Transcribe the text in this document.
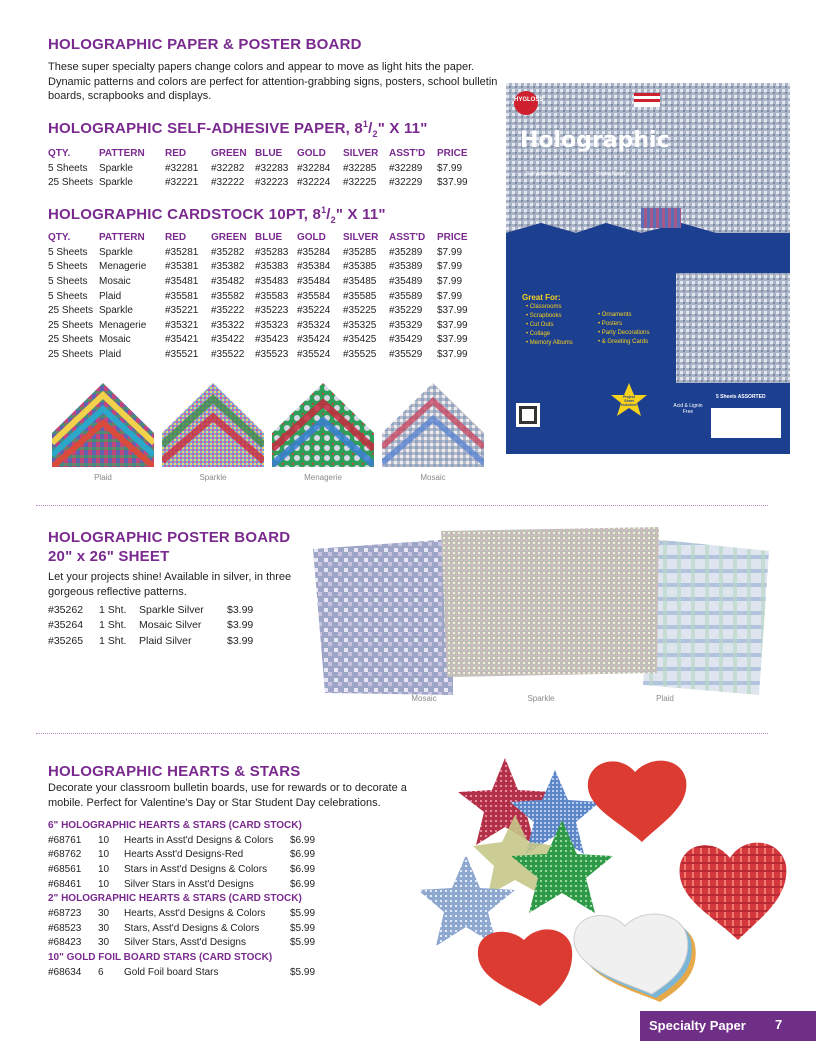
HOLOGRAPHIC PAPER & POSTER BOARD
These super specialty papers change colors and appear to move as light hits the paper. Dynamic patterns and colors are perfect for attention-grabbing signs, posters, school bulletin boards, scrapbooks and displays.
HOLOGRAPHIC SELF-ADHESIVE PAPER, $8^1/_2$" X 11"
QTY.	PATTERN	RED	GREEN	BLUE	GOLD	SILVER	ASST'D	PRICE
5 Sheets	Sparkle	#32281	#32282	#32283	#32284	#32285	#32289	$7.99
25 Sheets	Sparkle	#32221	#32222	#32223	#32224	#32225	#32229	$37.99
HOLOGRAPHIC CARDSTOCK 10PT, $8^1/_2$" X 11"
QTY.	PATTERN	RED	GREEN	BLUE	GOLD	SILVER	ASST'D	PRICE
5 Sheets	Sparkle	#35281	#35282	#35283	#35284	#35285	#35289	$7.99
5 Sheets	Menagerie	#35381	#35382	#35383	#35384	#35385	#35389	$7.99
5 Sheets	Mosaic	#35481	#35482	#35483	#35484	#35485	#35489	$7.99
5 Sheets	Plaid	#35581	#35582	#35583	#35584	#35585	#35589	$7.99
25 Sheets	Sparkle	#35221	#35222	#35223	#35224	#35225	#35229	$37.99
25 Sheets	Menagerie	#35321	#35322	#35323	#35324	#35325	#35329	$37.99
25 Sheets	Mosaic	#35421	#35422	#35423	#35424	#35425	#35429	$37.99
25 Sheets	Plaid	#35521	#35522	#35523	#35524	#35525	#35529	$37.99
Plaid	Sparkle	Menagerie	Mosaic
HYGLOSS
Holographic
Self-Adhesive Paper	Poster Board
Great For:
• Classrooms
• Scrapbooks
• Cut Outs
• Collage
• Memory Albums
• Ornaments
• Posters
• Party Decorations
• & Greeting Cards
5 Sheets ASSORTED
Acid & Lignin Free
Project Sheet Included!
HOLOGRAPHIC POSTER BOARD
20" x 26" SHEET
Let your projects shine! Available in silver, in three gorgeous reflective patterns.
#35262	1 Sht.	Sparkle Silver	$3.99
#35264	1 Sht.	Mosaic Silver	$3.99
#35265	1 Sht.	Plaid Silver	$3.99
Mosaic	Sparkle	Plaid
HOLOGRAPHIC HEARTS & STARS
Decorate your classroom bulletin boards, use for rewards or to decorate a mobile. Perfect for Valentine's Day or Star Student Day celebrations.
6" HOLOGRAPHIC HEARTS & STARS (CARD STOCK)
#68761	10	Hearts in Asst'd Designs & Colors	$6.99
#68762	10	Hearts Asst'd Designs-Red	$6.99
#68561	10	Stars in Asst'd Designs & Colors	$6.99
#68461	10	Silver Stars in Asst'd Designs	$6.99
2" HOLOGRAPHIC HEARTS & STARS (CARD STOCK)
#68723	30	Hearts, Asst'd Designs & Colors	$5.99
#68523	30	Stars, Asst'd Designs & Colors	$5.99
#68423	30	Silver Stars, Asst'd Designs	$5.99
10" GOLD FOIL BOARD STARS (CARD STOCK)
#68634	6	Gold Foil board Stars	$5.99
Specialty Paper 7
